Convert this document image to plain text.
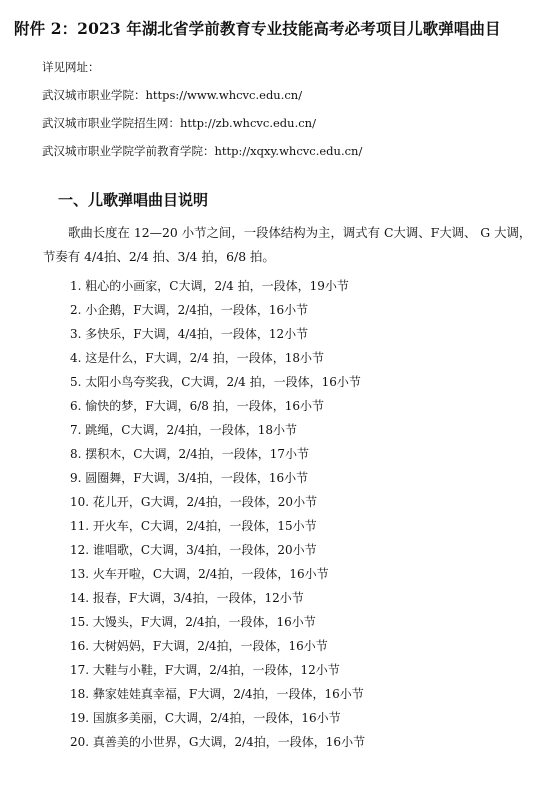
附件 2：2023 年湖北省学前教育专业技能高考必考项目儿歌弹唱曲目
详见网址：
武汉城市职业学院：https://www.whcvc.edu.cn/
武汉城市职业学院招生网：http://zb.whcvc.edu.cn/
武汉城市职业学院学前教育学院：http://xqxy.whcvc.edu.cn/
一、儿歌弹唱曲目说明
歌曲长度在 12—20 小节之间，一段体结构为主，调式有 C大调、F大调、 G 大调，
节奏有 4/4拍、2/4 拍、3/4 拍，6/8 拍。
1. 粗心的小画家，C大调，2/4 拍，一段体，19小节
2. 小企鹅，F大调，2/4拍，一段体，16小节
3. 多快乐，F大调，4/4拍，一段体，12小节
4. 这是什么，F大调，2/4 拍，一段体，18小节
5. 太阳小鸟夸奖我，C大调，2/4 拍，一段体，16小节
6. 愉快的梦，F大调，6/8 拍，一段体，16小节
7. 跳绳，C大调，2/4拍，一段体，18小节
8. 摆积木，C大调，2/4拍，一段体，17小节
9. 圆圈舞，F大调，3/4拍，一段体，16小节
10. 花儿开，G大调，2/4拍，一段体，20小节
11. 开火车，C大调，2/4拍，一段体，15小节
12. 谁唱歌，C大调，3/4拍，一段体，20小节
13. 火车开啦，C大调，2/4拍，一段体，16小节
14. 报春，F大调，3/4拍，一段体，12小节
15. 大馒头，F大调，2/4拍，一段体，16小节
16. 大树妈妈，F大调，2/4拍，一段体，16小节
17. 大鞋与小鞋，F大调，2/4拍，一段体，12小节
18. 彝家娃娃真幸福，F大调，2/4拍，一段体，16小节
19. 国旗多美丽，C大调，2/4拍，一段体，16小节
20. 真善美的小世界，G大调，2/4拍，一段体，16小节
